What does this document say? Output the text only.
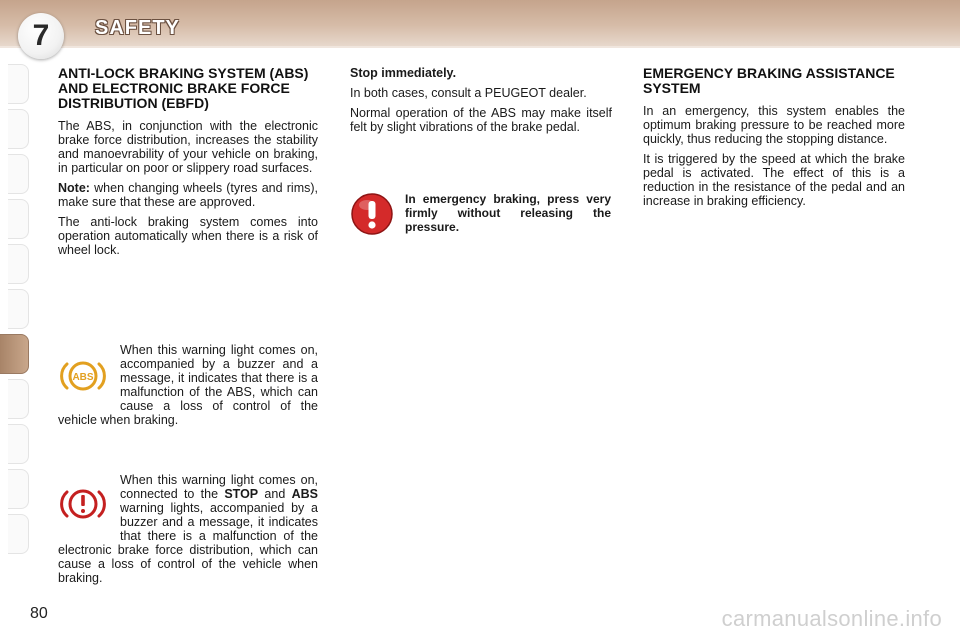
7 SAFETY
ANTI-LOCK BRAKING SYSTEM (ABS) AND ELECTRONIC BRAKE FORCE DISTRIBUTION (EBFD)

The ABS, in conjunction with the electronic brake force distribution, increases the stability and manoevrability of your vehicle on braking, in particular on poor or slippery road surfaces.

Note: when changing wheels (tyres and rims), make sure that these are approved.

The anti-lock braking system comes into operation automatically when there is a risk of wheel lock.

ABS
When this warning light comes on, accompanied by a buzzer and a message, it indicates that there is a malfunction of the ABS, which can cause a loss of control of the vehicle when braking.
When this warning light comes on, connected to the STOP and ABS warning lights, accompanied by a buzzer and a message, it indicates that there is a malfunction of the electronic brake force distribution, which can cause a loss of control of the vehicle when braking.

Stop immediately.

In both cases, consult a PEUGEOT dealer.

Normal operation of the ABS may make itself felt by slight vibrations of the brake pedal.

In emergency braking, press very firmly without releasing the pressure.
EMERGENCY BRAKING ASSISTANCE SYSTEM

In an emergency, this system enables the optimum braking pressure to be reached more quickly, thus reducing the stopping distance.

It is triggered by the speed at which the brake pedal is activated. The effect of this is a reduction in the resistance of the pedal and an increase in braking efficiency.

80	carmanualsonline.info
